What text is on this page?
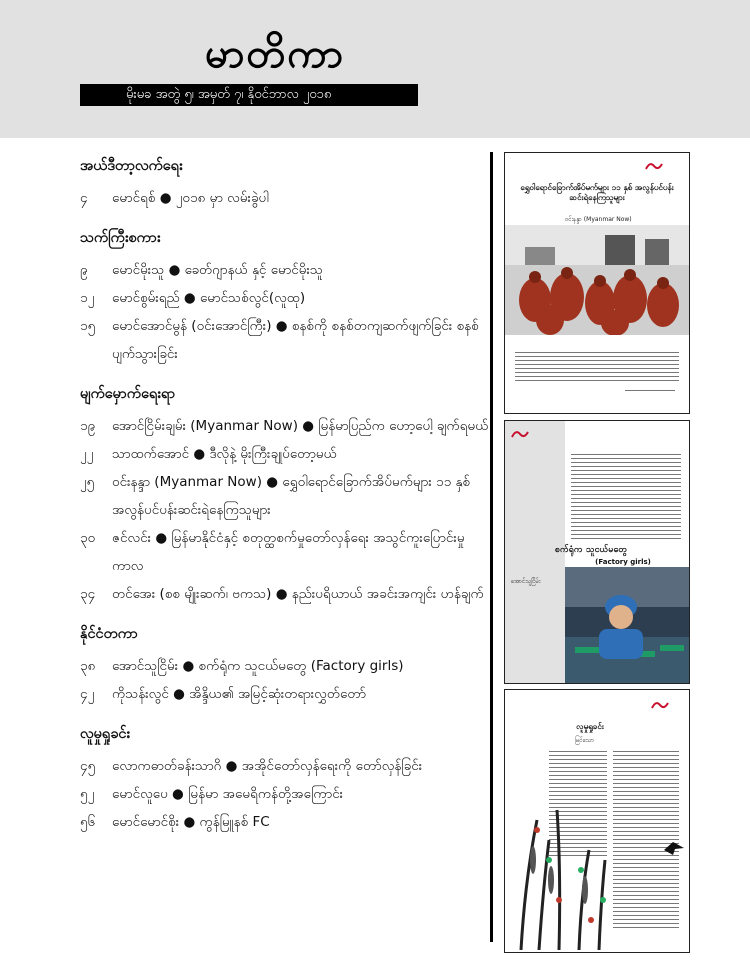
မာတိကာ
မိုးမခ အတွဲ ၅၊ အမှတ် ၇၊ နိုဝင်ဘာလ ၂၀၁၈
အယ်ဒီတာ့လက်ရေး
၄	မောင်ရစ် ● ၂၀၁၈ မှာ လမ်းခွဲပါ
သက်ကြီးစကား
၉	မောင်မိုးသူ ● ခေတ်ဂျာနယ် နှင့် မောင်မိုးသူ
၁၂	မောင်စွမ်းရည် ● မောင်သစ်လွင်(လူထု)
၁၅	မောင်အောင်မွန် (ဝင်းအောင်ကြီး) ● စနစ်ကို စနစ်တကျဆက်ဖျက်ခြင်း စနစ်ပျက်သွားခြင်း
မျက်မှောက်ရေးရာ
၁၉	အောင်ငြိမ်းချမ်း (Myanmar Now) ● မြန်မာပြည်က ဟော့ပေါ့ ချက်ရမယ်
၂၂	သာထက်အောင် ● ဒီလိုနဲ့ မိုးကြီးချုပ်တော့မယ်
၂၅	ဝင်းနန္ဒာ (Myanmar Now) ● ရွှေဝါရောင်ခြောက်အိပ်မက်များ ၁၁ နှစ် အလွန်ပင်ပန်းဆင်းရဲနေကြသူများ
၃၀	ဇင်လင်း ● မြန်မာနိုင်ငံနှင့် စတုတ္ထစက်မှုတော်လှန်ရေး အသွင်ကူးပြောင်းမှုကာလ
၃၄	တင်အေး (စစ မျိုးဆက်၊ ဗကသ) ● နည်းပရိယာယ် အခင်းအကျင်း ဟန်ချက်
နိုင်ငံတကာ
၃၈	အောင်သူငြိမ်း ● စက်ရုံက သူငယ်မတွေ (Factory girls)
၄၂	ကိုသန်းလွင် ● အိန္ဒိယ၏ အမြင့်ဆုံးတရားလွှတ်တော်
လူမှုရှုခင်း
၄၅	လောကဓာတ်ခန်းသာဂိ ● အအိုင်တော်လှန်ရေးကို တော်လှန်ခြင်း
၅၂	မောင်လူပေ ● မြန်မာ အမေရိကန်တို့အကြောင်း
၅၆	မောင်မောင်စိုး ● ကွန်မြူနစ် FC
ရွှေဝါရောင်ခြောက်အိပ်မက်များ ၁၁ နှစ် အလွန်ပင်ပန်းဆင်းရဲနေကြသူများ
ဝင်းနန္ဒာ (Myanmar Now)
စက်ရုံက သူငယ်မတွေ
(Factory girls)
အောင်သူငြိမ်း
လူမှုရှုခင်း
မြင်သော
